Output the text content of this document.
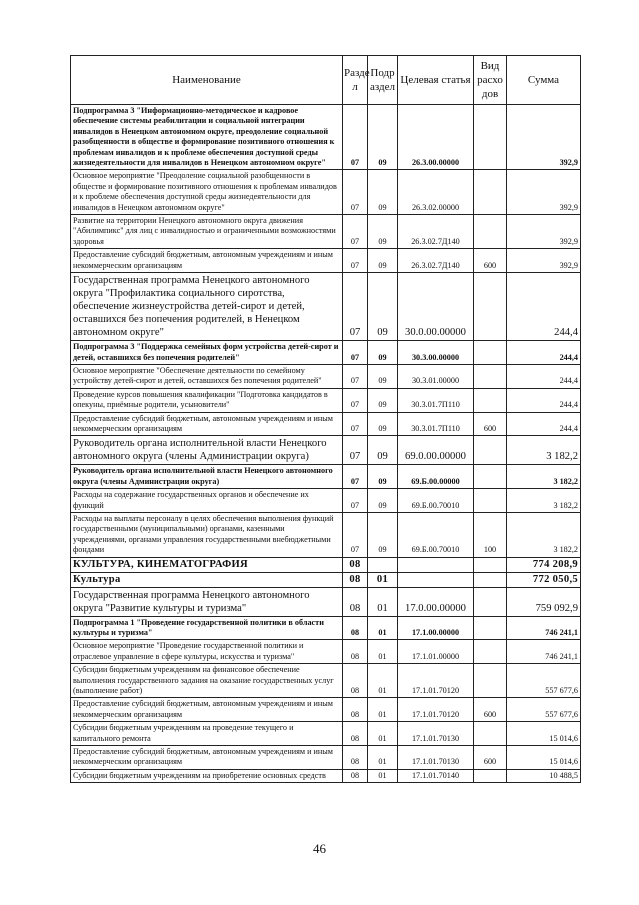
Наименование	Разде л	Подр аздел	Целевая статья	Вид расхо дов	Сумма
Подпрограмма 3 "Информационно-методическое и кадровое обеспечение системы реабилитации и социальной интеграции инвалидов в Ненецком автономном округе, преодоление социальной разобщенности в обществе и формирование позитивного отношения к проблемам инвалидов и к проблеме обеспечения доступной среды жизнедеятельности для инвалидов в Ненецком автономном округе"	07	09	26.3.00.00000		392,9
Основное мероприятие "Преодоление социальной разобщенности в обществе и формирование позитивного отношения к проблемам инвалидов и к проблеме обеспечения доступной среды жизнедеятельности для инвалидов в Ненецком автономном округе"	07	09	26.3.02.00000		392,9
Развитие на территории Ненецкого автономного округа движения "Абилимпикс" для лиц с инвалидностью и ограниченными возможностями здоровья	07	09	26.3.02.7Д140		392,9
Предоставление субсидий бюджетным, автономным учреждениям и иным некоммерческим организациям	07	09	26.3.02.7Д140	600	392,9
Государственная программа Ненецкого автономного округа "Профилактика социального сиротства, обеспечение жизнеустройства детей-сирот и детей, оставшихся без попечения родителей, в Ненецком автономном округе"	07	09	30.0.00.00000		244,4
Подпрограмма 3 "Поддержка семейных форм устройства детей-сирот и детей, оставшихся без попечения родителей"	07	09	30.3.00.00000		244,4
Основное мероприятие "Обеспечение деятельности по семейному устройству детей-сирот и детей, оставшихся без попечения родителей"	07	09	30.3.01.00000		244,4
Проведение курсов повышения квалификации "Подготовка кандидатов в опекуны, приёмные родители, усыновители"	07	09	30.3.01.7П110		244,4
Предоставление субсидий бюджетным, автономным учреждениям и иным некоммерческим организациям	07	09	30.3.01.7П110	600	244,4
Руководитель органа исполнительной власти Ненецкого автономного округа (члены Администрации округа)	07	09	69.0.00.00000		3 182,2
Руководитель органа исполнительной власти Ненецкого автономного округа (члены Администрации округа)	07	09	69.Б.00.00000		3 182,2
Расходы на содержание государственных органов и обеспечение их функций	07	09	69.Б.00.70010		3 182,2
Расходы на выплаты персоналу в целях обеспечения выполнения функций государственными (муниципальными) органами, казенными учреждениями, органами управления государственными внебюджетными фондами	07	09	69.Б.00.70010	100	3 182,2
КУЛЬТУРА, КИНЕМАТОГРАФИЯ	08				774 208,9
Культура	08	01			772 050,5
Государственная программа Ненецкого автономного округа "Развитие культуры и туризма"	08	01	17.0.00.00000		759 092,9
Подпрограмма 1 "Проведение государственной политики в области культуры и туризма"	08	01	17.1.00.00000		746 241,1
Основное мероприятие "Проведение государственной политики и отраслевое управление в сфере культуры, искусства и туризма"	08	01	17.1.01.00000		746 241,1
Субсидии бюджетным учреждениям на финансовое обеспечение выполнения государственного задания на оказание государственных услуг (выполнение работ)	08	01	17.1.01.70120		557 677,6
Предоставление субсидий бюджетным, автономным учреждениям и иным некоммерческим организациям	08	01	17.1.01.70120	600	557 677,6
Субсидии бюджетным учреждениям на проведение текущего и капитального ремонта	08	01	17.1.01.70130		15 014,6
Предоставление субсидий бюджетным, автономным учреждениям и иным некоммерческим организациям	08	01	17.1.01.70130	600	15 014,6
Субсидии бюджетным учреждениям на приобретение основных средств	08	01	17.1.01.70140		10 488,5
46
